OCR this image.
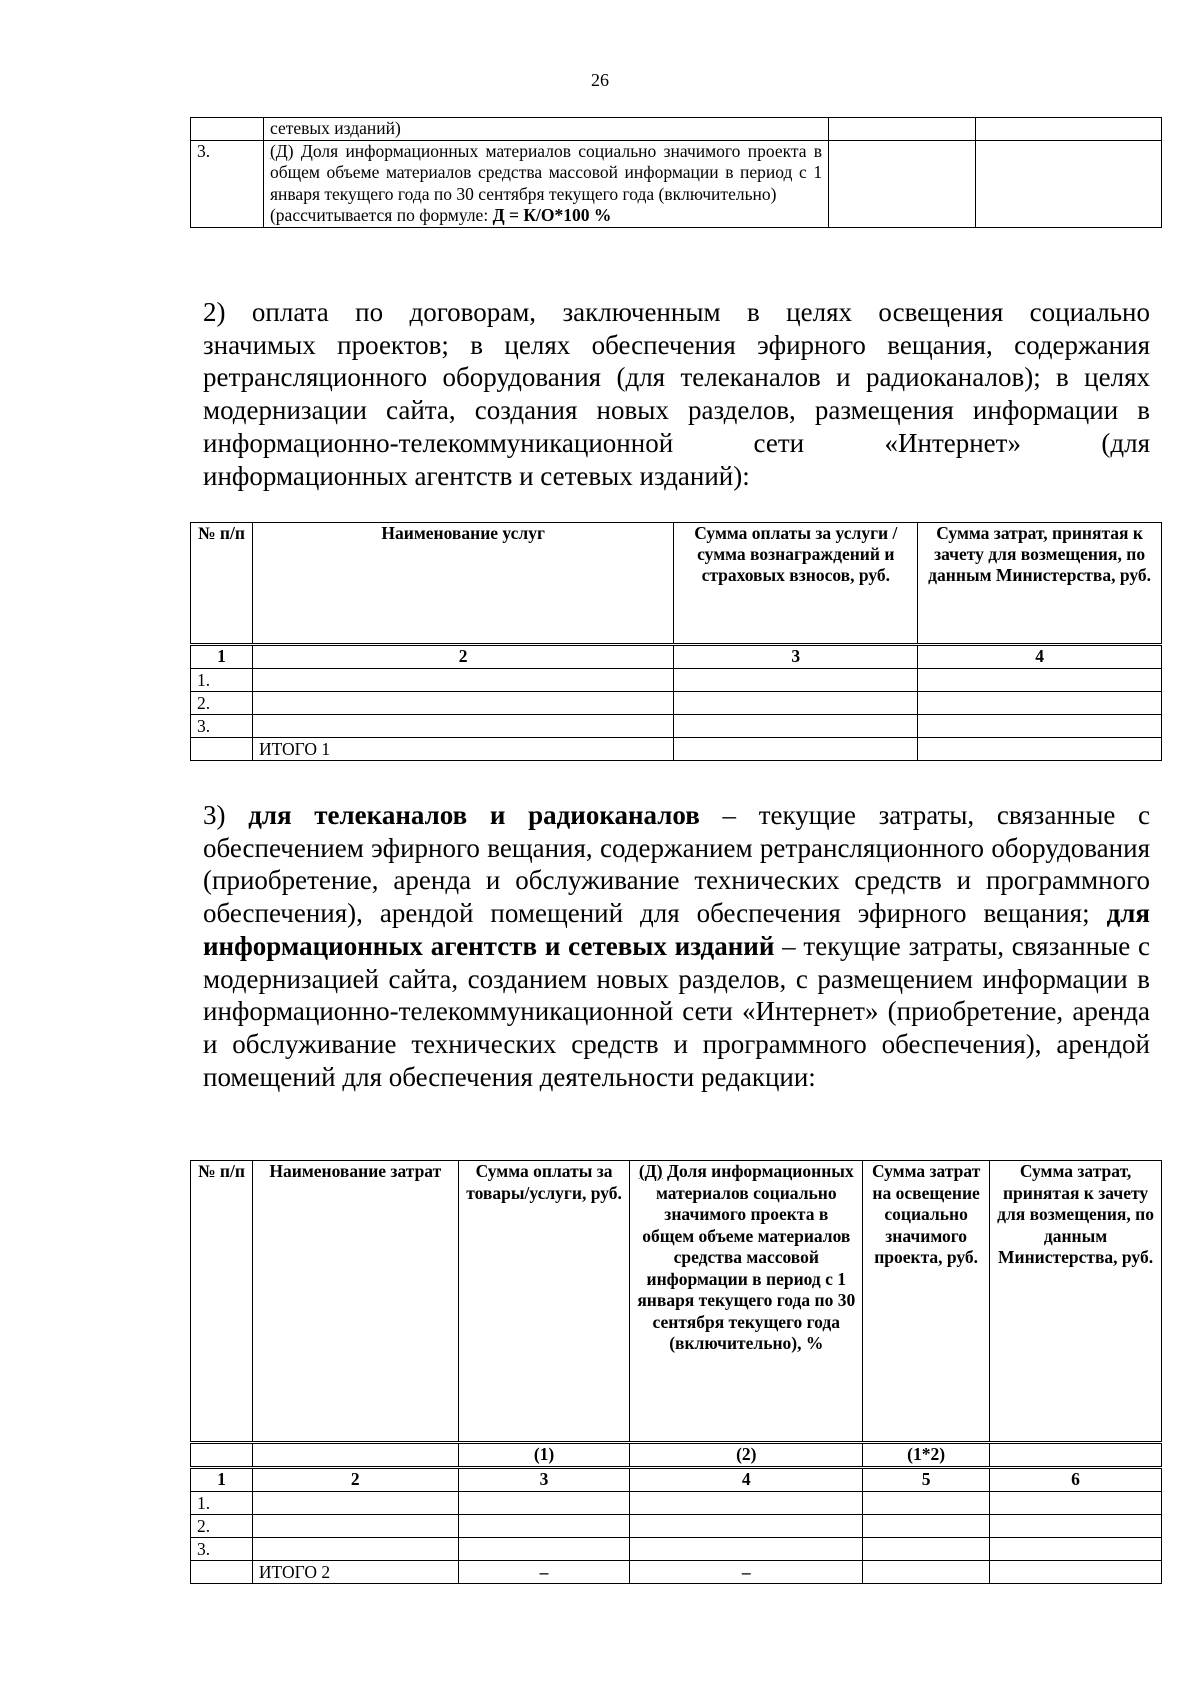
26
	сетевых изданий)		
3.	(Д) Доля информационных материалов социально значимого проекта в общем объеме материалов средства массовой информации в период с 1 января текущего года по 30 сентября текущего года (включительно)
(рассчитывается по формуле: Д = К/О*100 %		
2) оплата по договорам, заключенным в целях освещения социально
значимых проектов; в целях обеспечения эфирного вещания, содержания
ретрансляционного оборудования (для телеканалов и радиоканалов); в целях
модернизации сайта, создания новых разделов, размещения информации в
информационно-телекоммуникационной сети «Интернет» (для
информационных агентств и сетевых изданий):
№ п/п	Наименование услуг	Сумма оплаты за услуги / сумма вознаграждений и страховых взносов, руб.	Сумма затрат, принятая к зачету для возмещения, по данным Министерства, руб.
1	2	3	4
1.			
2.			
3.			
	ИТОГО 1		
3) для телеканалов и радиоканалов – текущие затраты, связанные с обеспечением эфирного вещания, содержанием ретрансляционного оборудования (приобретение, аренда и обслуживание технических средств и программного обеспечения), арендой помещений для обеспечения эфирного вещания; для информационных агентств и сетевых изданий – текущие затраты, связанные с модернизацией сайта, созданием новых разделов, с размещением информации в информационно-телекоммуникационной сети «Интернет» (приобретение, аренда и обслуживание технических средств и программного обеспечения), арендой помещений для обеспечения деятельности редакции:
№ п/п	Наименование затрат	Сумма оплаты за товары/услуги, руб.	(Д) Доля информационных материалов социально значимого проекта в общем объеме материалов средства массовой информации в период с 1 января текущего года по 30 сентября текущего года (включительно), %	Сумма затрат на освещение социально значимого проекта, руб.	Сумма затрат, принятая к зачету для возмещения, по данным Министерства, руб.
		(1)	(2)	(1*2)	
1	2	3	4	5	6
1.					
2.					
3.					
	ИТОГО 2	–	–		
